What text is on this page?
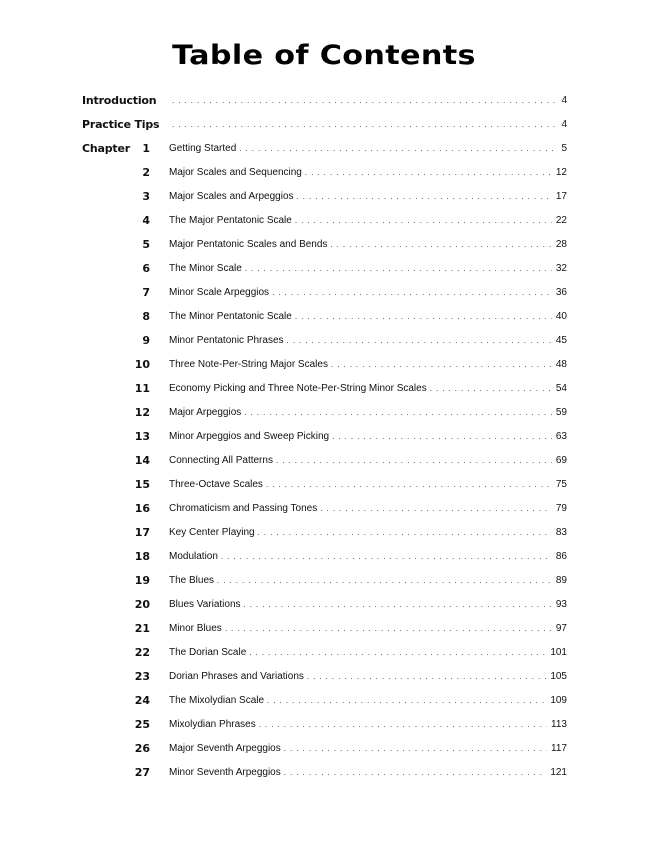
Table of Contents
Introduction . . .	4
Practice Tips . . .	4
Chapter	1 Getting Started . . .	5
2 Major Scales and Sequencing . . .	12
3 Major Scales and Arpeggios . . .	17
4 The Major Pentatonic Scale . . .	22
5 Major Pentatonic Scales and Bends . . .	28
6 The Minor Scale . . .	32
7 Minor Scale Arpeggios . . .	36
8 The Minor Pentatonic Scale . . .	40
9 Minor Pentatonic Phrases . . .	45
10 Three Note-Per-String Major Scales . . .	48
11 Economy Picking and Three Note-Per-String Minor Scales . . .	54
12 Major Arpeggios . . .	59
13 Minor Arpeggios and Sweep Picking . . .	63
14 Connecting All Patterns . . .	69
15 Three-Octave Scales . . .	75
16 Chromaticism and Passing Tones . . .	79
17 Key Center Playing . . .	83
18 Modulation . . .	86
19 The Blues . . .	89
20 Blues Variations . . .	93
21 Minor Blues . . .	97
22 The Dorian Scale . . .	101
23 Dorian Phrases and Variations . . .	105
24 The Mixolydian Scale . . .	109
25 Mixolydian Phrases . . .	113
26 Major Seventh Arpeggios . . .	117
27 Minor Seventh Arpeggios . . .	121
